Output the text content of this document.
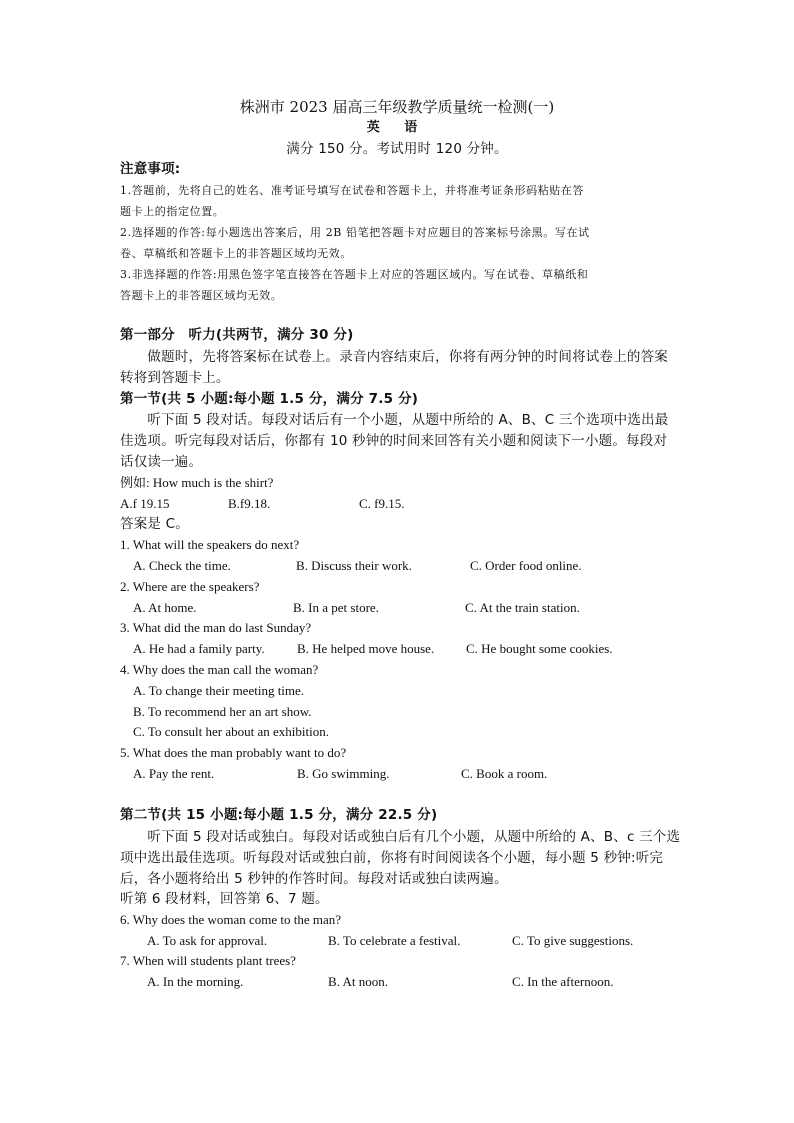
株洲市 2023 届高三年级教学质量统一检测(一)
英 语
满分 150 分。考试用时 120 分钟。
注意事项:
1.答题前，先将自己的姓名、准考证号填写在试卷和答题卡上，并将准考证条形码粘贴在答
题卡上的指定位置。
2.选择题的作答:每小题选出答案后，用 2B 铅笔把答题卡对应题目的答案标号涂黑。写在试
卷、草稿纸和答题卡上的非答题区域均无效。
3.非选择题的作答:用黑色签字笔直接答在答题卡上对应的答题区域内。写在试卷、草稿纸和
答题卡上的非答题区域均无效。
第一部分　听力(共两节，满分 30 分)
　　做题时，先将答案标在试卷上。录音内容结束后，你将有两分钟的时间将试卷上的答案
转将到答题卡上。
第一节(共 5 小题:每小题 1.5 分，满分 7.5 分)
　　听下面 5 段对话。每段对话后有一个小题，从题中所给的 A、B、C 三个选项中选出最
佳选项。听完每段对话后，你都有 10 秒钟的时间来回答有关小题和阅读下一小题。每段对
话仅读一遍。
例如: How much is the shirt?
A.f 19.15	B.f9.18.	C. f9.15.
答案是 C。
1. What will the speakers do next?
A. Check the time.	B. Discuss their work.	C. Order food online.
2. Where are the speakers?
A. At home.	B. In a pet store.	C. At the train station.
3. What did the man do last Sunday?
A. He had a family party. B. He helped move house. C. He bought some cookies.
4. Why does the man call the woman?
A. To change their meeting time.
B. To recommend her an art show.
C. To consult her about an exhibition.
5. What does the man probably want to do?
A. Pay the rent.	B. Go swimming.	C. Book a room.
第二节(共 15 小题:每小题 1.5 分，满分 22.5 分)
　　听下面 5 段对话或独白。每段对话或独白后有几个小题，从题中所给的 A、B、c 三个选
项中选出最佳选项。听每段对话或独白前，你将有时间阅读各个小题，每小题 5 秒钟:听完
后，各小题将给出 5 秒钟的作答时间。每段对话或独白读两遍。
听第 6 段材料，回答第 6、7 题。
6. Why does the woman come to the man?
A. To ask for approval.	B. To celebrate a festival.	C. To give suggestions.
7. When will students plant trees?
A. In the morning.	B. At noon.	C. In the afternoon.
